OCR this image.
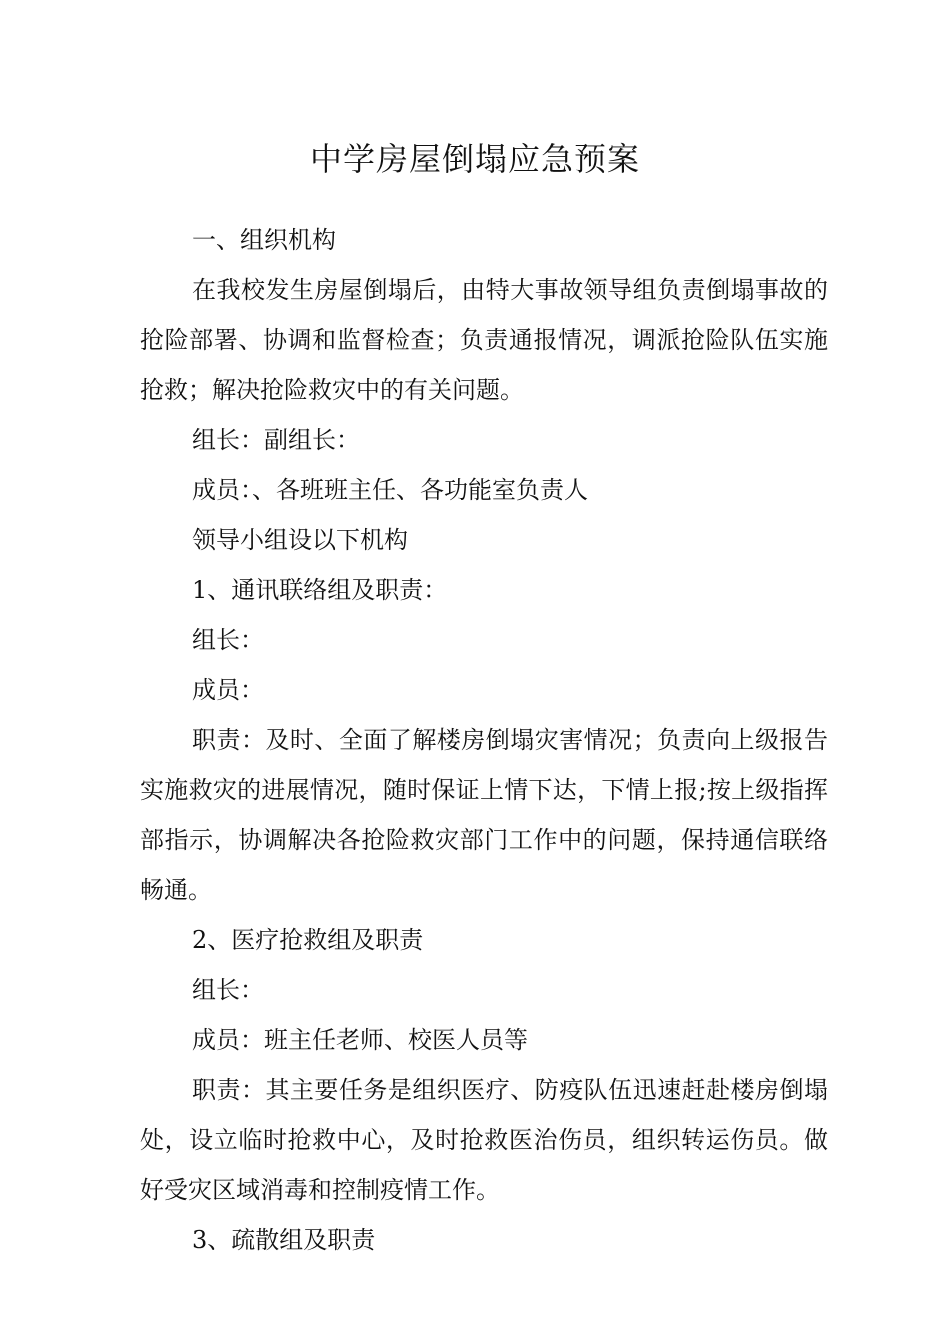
中学房屋倒塌应急预案

一、组织机构

在我校发生房屋倒塌后，由特大事故领导组负责倒塌事故的抢险部署、协调和监督检查；负责通报情况，调派抢险队伍实施抢救；解决抢险救灾中的有关问题。

组长：副组长：

成员：、各班班主任、各功能室负责人

领导小组设以下机构

1、通讯联络组及职责：

组长：

成员：

职责：及时、全面了解楼房倒塌灾害情况；负责向上级报告实施救灾的进展情况，随时保证上情下达，下情上报;按上级指挥部指示，协调解决各抢险救灾部门工作中的问题，保持通信联络畅通。

2、医疗抢救组及职责

组长：

成员：班主任老师、校医人员等

职责：其主要任务是组织医疗、防疫队伍迅速赶赴楼房倒塌处，设立临时抢救中心，及时抢救医治伤员，组织转运伤员。做好受灾区域消毒和控制疫情工作。

3、疏散组及职责
